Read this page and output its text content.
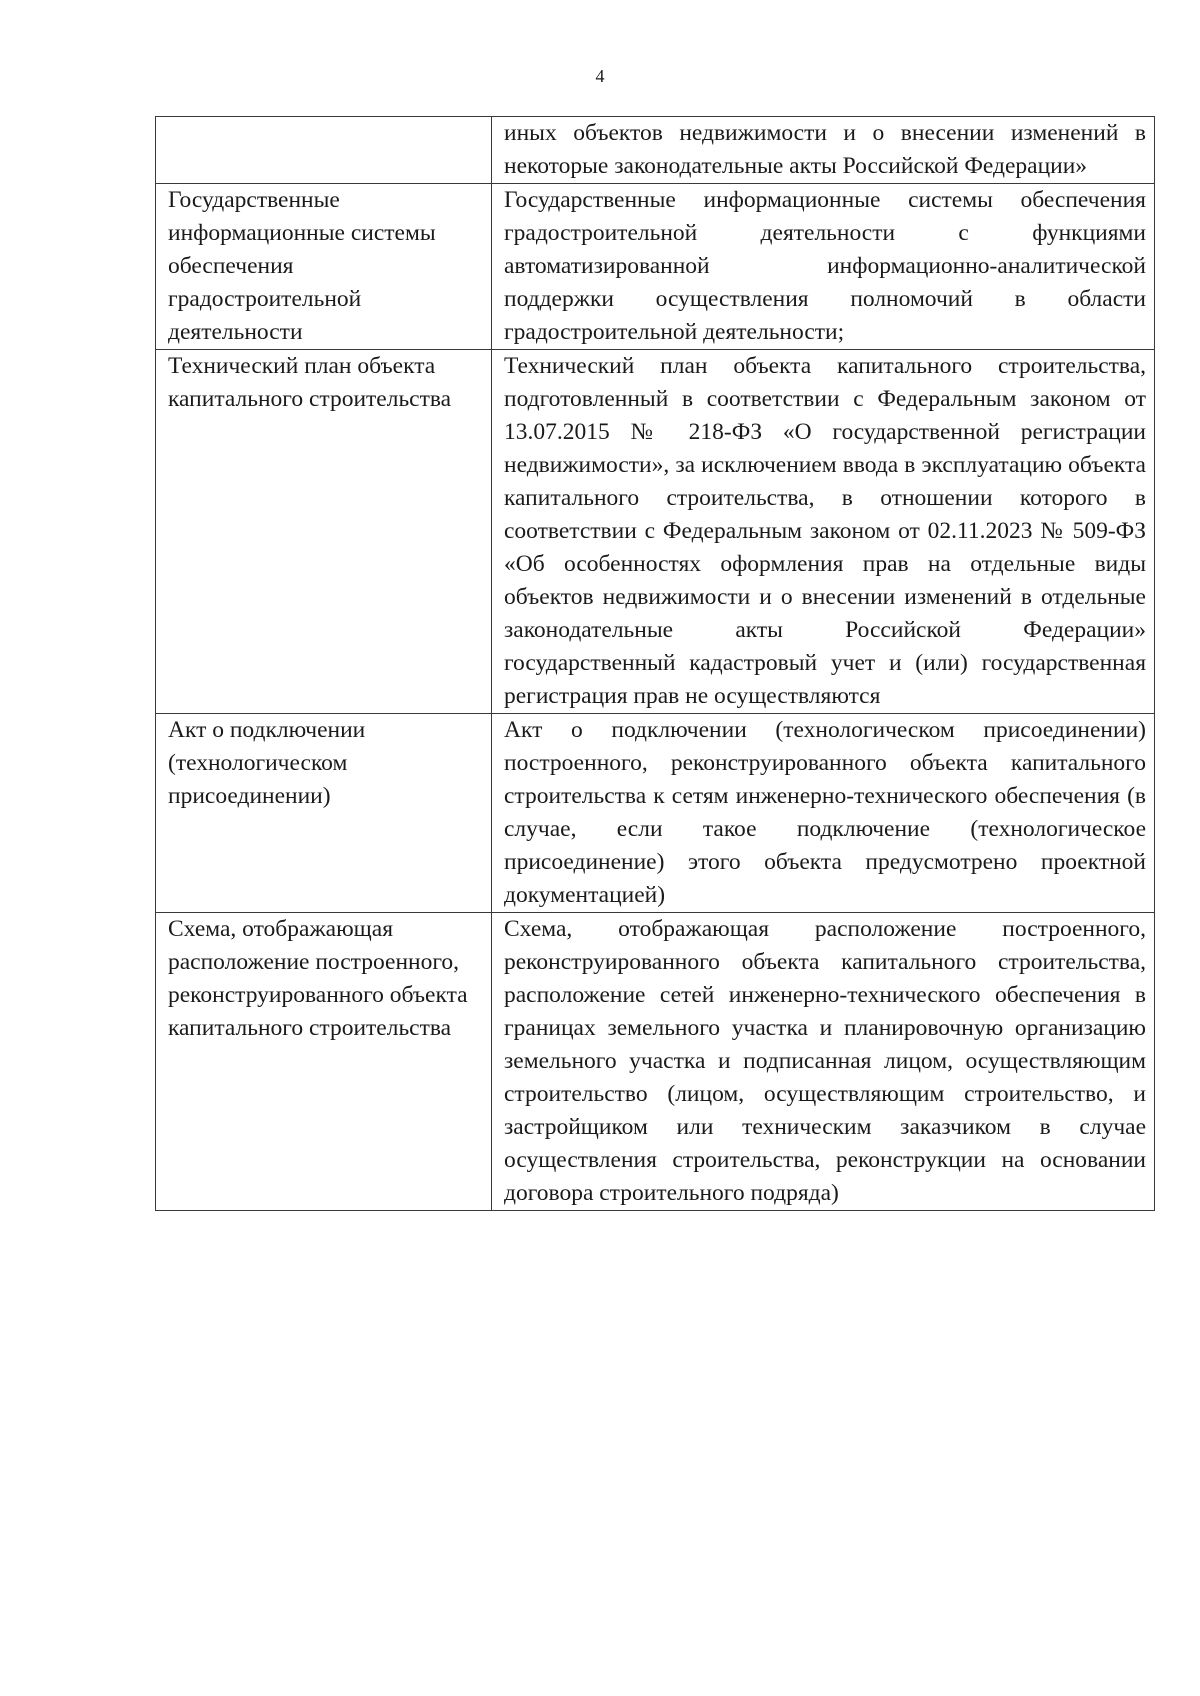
4
	иных объектов недвижимости и о внесении изменений в некоторые законодательные акты Российской Федерации»
Государственные информационные системы обеспечения градостроительной деятельности	Государственные информационные системы обеспечения градостроительной деятельности с функциями автоматизированной информационно-аналитической поддержки осуществления полномочий в области градостроительной деятельности;
Технический план объекта капитального строительства	Технический план объекта капитального строительства, подготовленный в соответствии с Федеральным законом от 13.07.2015 № 218-ФЗ «О государственной регистрации недвижимости», за исключением ввода в эксплуатацию объекта капитального строительства, в отношении которого в соответствии с Федеральным законом от 02.11.2023 № 509-ФЗ «Об особенностях оформления прав на отдельные виды объектов недвижимости и о внесении изменений в отдельные законодательные акты Российской Федерации» государственный кадастровый учет и (или) государственная регистрация прав не осуществляются
Акт о подключении (технологическом присоединении)	Акт о подключении (технологическом присоединении) построенного, реконструированного объекта капитального строительства к сетям инженерно-технического обеспечения (в случае, если такое подключение (технологическое присоединение) этого объекта предусмотрено проектной документацией)
Схема, отображающая расположение построенного, реконструированного объекта капитального строительства	Схема, отображающая расположение построенного, реконструированного объекта капитального строительства, расположение сетей инженерно-технического обеспечения в границах земельного участка и планировочную организацию земельного участка и подписанная лицом, осуществляющим строительство (лицом, осуществляющим строительство, и застройщиком или техническим заказчиком в случае осуществления строительства, реконструкции на основании договора строительного подряда)
